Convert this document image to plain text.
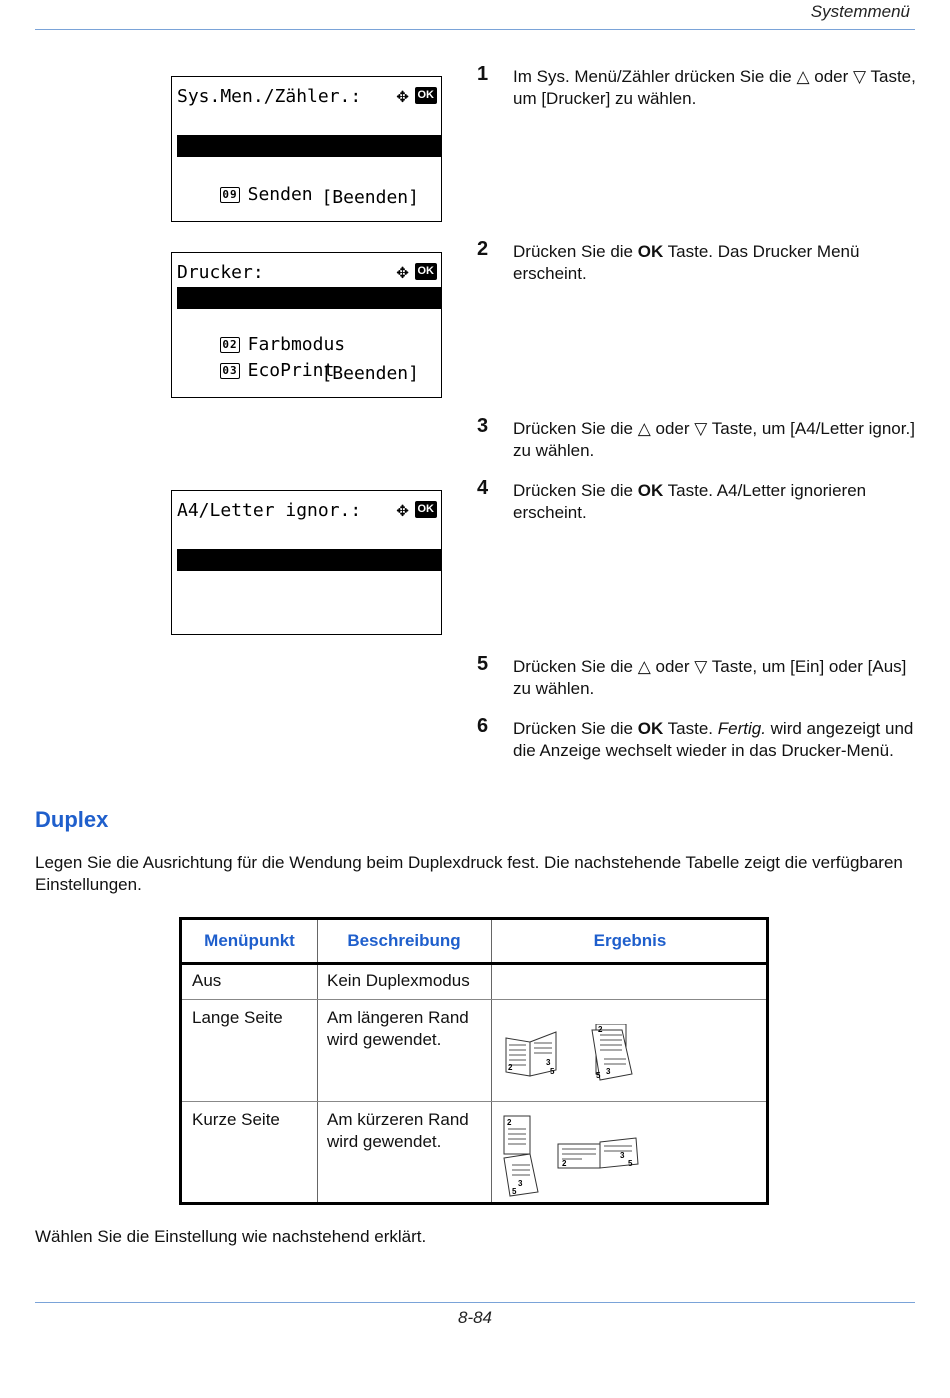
Systemmenü
Sys.Men./Zähler.:	✥ OK

08 Drucker

09 Senden
[Beenden]
Drucker:	✥ OK

01 Emulation setzen

02 Farbmodus

03 EcoPrint

[Beenden]
A4/Letter ignor.:	✥ OK

02 *Ein

1 Im Sys. Menü/Zähler drücken Sie die △ oder ▽ Taste, um [Drucker] zu wählen.
2 Drücken Sie die OK Taste. Das Drucker Menü erscheint.
3 Drücken Sie die △ oder ▽ Taste, um [A4/Letter ignor.] zu wählen.
4 Drücken Sie die OK Taste. A4/Letter ignorieren erscheint.
5 Drücken Sie die △ oder ▽ Taste, um [Ein] oder [Aus] zu wählen.
6 Drücken Sie die OK Taste. Fertig. wird angezeigt und die Anzeige wechselt wieder in das Drucker-Menü.
Duplex
Legen Sie die Ausrichtung für die Wendung beim Duplexdruck fest. Die nachstehende Tabelle zeigt die verfügbaren Einstellungen.
Menüpunkt	Beschreibung	Ergebnis
Aus	Kein Duplexmodus
Lange Seite	Am längeren Rand wird gewendet.
2
3
5
2
5 3
Kurze Seite	Am kürzeren Rand wird gewendet.
2
3
5
2
3
5
Wählen Sie die Einstellung wie nachstehend erklärt.
8-84
